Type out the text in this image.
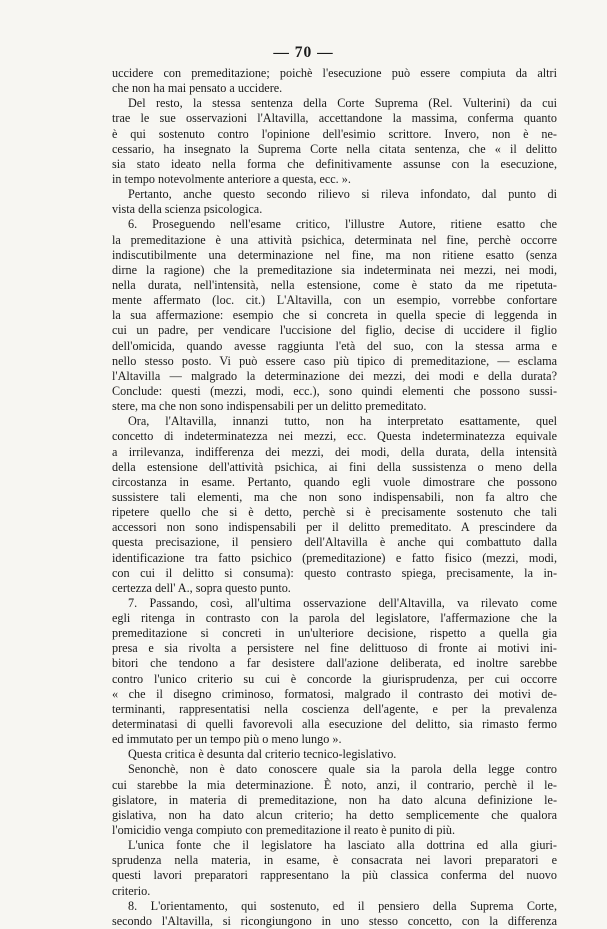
— 70 —
uccidere con premeditazione; poichè l'esecuzione può essere compiuta da altri
che non ha mai pensato a uccidere.
Del resto, la stessa sentenza della Corte Suprema (Rel. Vulterini) da cui
trae le sue osservazioni l'Altavilla, accettandone la massima, conferma quanto
è qui sostenuto contro l'opinione dell'esimio scrittore. Invero, non è ne-
cessario, ha insegnato la Suprema Corte nella citata sentenza, che « il delitto
sia stato ideato nella forma che definitivamente assunse con la esecuzione,
in tempo notevolmente anteriore a questa, ecc. ».
Pertanto, anche questo secondo rilievo si rileva infondato, dal punto di
vista della scienza psicologica.
6. Proseguendo nell'esame critico, l'illustre Autore, ritiene esatto che
la premeditazione è una attività psichica, determinata nel fine, perchè occorre
indiscutibilmente una determinazione nel fine, ma non ritiene esatto (senza
dirne la ragione) che la premeditazione sia indeterminata nei mezzi, nei modi,
nella durata, nell'intensità, nella estensione, come è stato da me ripetuta-
mente affermato (loc. cit.) L'Altavilla, con un esempio, vorrebbe confortare
la sua affermazione: esempio che si concreta in quella specie di leggenda in
cui un padre, per vendicare l'uccisione del figlio, decise di uccidere il figlio
dell'omicida, quando avesse raggiunta l'età del suo, con la stessa arma e
nello stesso posto. Vi può essere caso più tipico di premeditazione, — esclama
l'Altavilla — malgrado la determinazione dei mezzi, dei modi e della durata?
Conclude: questi (mezzi, modi, ecc.), sono quindi elementi che possono sussi-
stere, ma che non sono indispensabili per un delitto premeditato.
Ora, l'Altavilla, innanzi tutto, non ha interpretato esattamente, quel
concetto di indeterminatezza nei mezzi, ecc. Questa indeterminatezza equivale
a irrilevanza, indifferenza dei mezzi, dei modi, della durata, della intensità
della estensione dell'attività psichica, ai fini della sussistenza o meno della
circostanza in esame. Pertanto, quando egli vuole dimostrare che possono
sussistere tali elementi, ma che non sono indispensabili, non fa altro che
ripetere quello che si è detto, perchè si è precisamente sostenuto che tali
accessori non sono indispensabili per il delitto premeditato. A prescindere da
questa precisazione, il pensiero dell'Altavilla è anche qui combattuto dalla
identificazione tra fatto psichico (premeditazione) e fatto fisico (mezzi, modi,
con cui il delitto si consuma): questo contrasto spiega, precisamente, la in-
certezza dell' A., sopra questo punto.
7. Passando, così, all'ultima osservazione dell'Altavilla, va rilevato come
egli ritenga in contrasto con la parola del legislatore, l'affermazione che la
premeditazione si concreti in un'ulteriore decisione, rispetto a quella gia
presa e sia rivolta a persistere nel fine delittuoso di fronte ai motivi ini-
bitori che tendono a far desistere dall'azione deliberata, ed inoltre sarebbe
contro l'unico criterio su cui è concorde la giurisprudenza, per cui occorre
« che il disegno criminoso, formatosi, malgrado il contrasto dei motivi de-
terminanti, rappresentatisi nella coscienza dell'agente, e per la prevalenza
determinatasi di quelli favorevoli alla esecuzione del delitto, sia rimasto fermo
ed immutato per un tempo più o meno lungo ».
Questa critica è desunta dal criterio tecnico-legislativo.
Senonchè, non è dato conoscere quale sia la parola della legge contro
cui starebbe la mia determinazione. È noto, anzi, il contrario, perchè il le-
gislatore, in materia di premeditazione, non ha dato alcuna definizione le-
gislativa, non ha dato alcun criterio; ha detto semplicemente che qualora
l'omicidio venga compiuto con premeditazione il reato è punito di più.
L'unica fonte che il legislatore ha lasciato alla dottrina ed alla giuri-
sprudenza nella materia, in esame, è consacrata nei lavori preparatori e
questi lavori preparatori rappresentano la più classica conferma del nuovo
criterio.
8. L'orientamento, qui sostenuto, ed il pensiero della Suprema Corte,
secondo l'Altavilla, si ricongiungono in uno stesso concetto, con la differenza
